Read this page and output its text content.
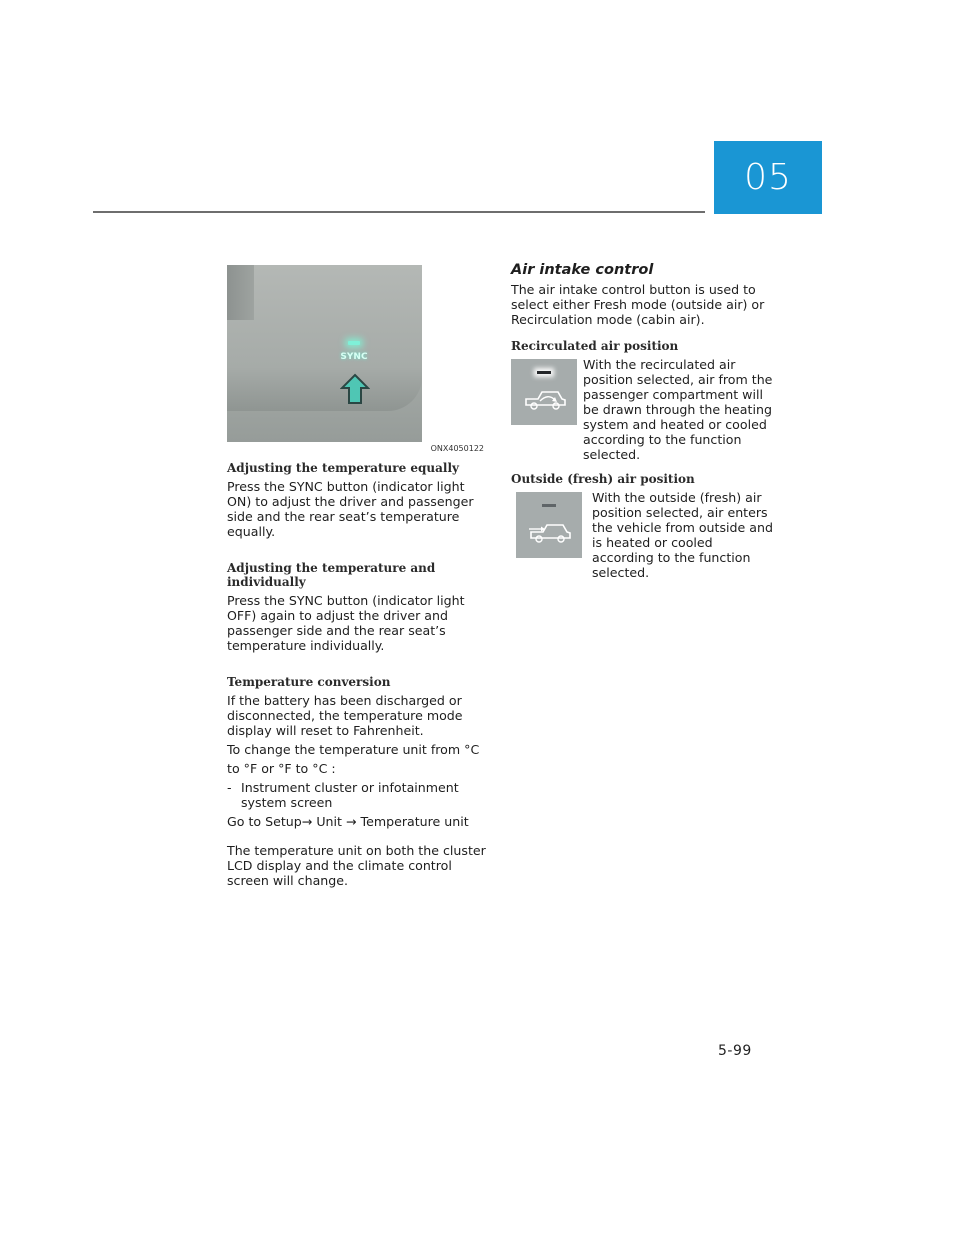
05
SYNC
ONX4050122
Adjusting the temperature equally

Press the SYNC button (indicator light ON) to adjust the driver and passenger side and the rear seat’s temperature equally.

Adjusting the temperature and individually

Press the SYNC button (indicator light OFF) again to adjust the driver and passenger side and the rear seat’s temperature individually.

Temperature conversion

If the battery has been discharged or disconnected, the temperature mode display will reset to Fahrenheit.

To change the temperature unit from °C

to °F or °F to °C :

- Instrument cluster or infotainment system screen
Go to Setup→ Unit → Temperature unit

The temperature unit on both the cluster LCD display and the climate control screen will change.

Air intake control

The air intake control button is used to select either Fresh mode (outside air) or Recirculation mode (cabin air).

Recirculated air position
With the recirculated air position selected, air from the passenger compartment will be drawn through the heating system and heated or cooled according to the function selected.
Outside (fresh) air position
With the outside (fresh) air position selected, air enters the vehicle from outside and is heated or cooled according to the function selected.
5-99
